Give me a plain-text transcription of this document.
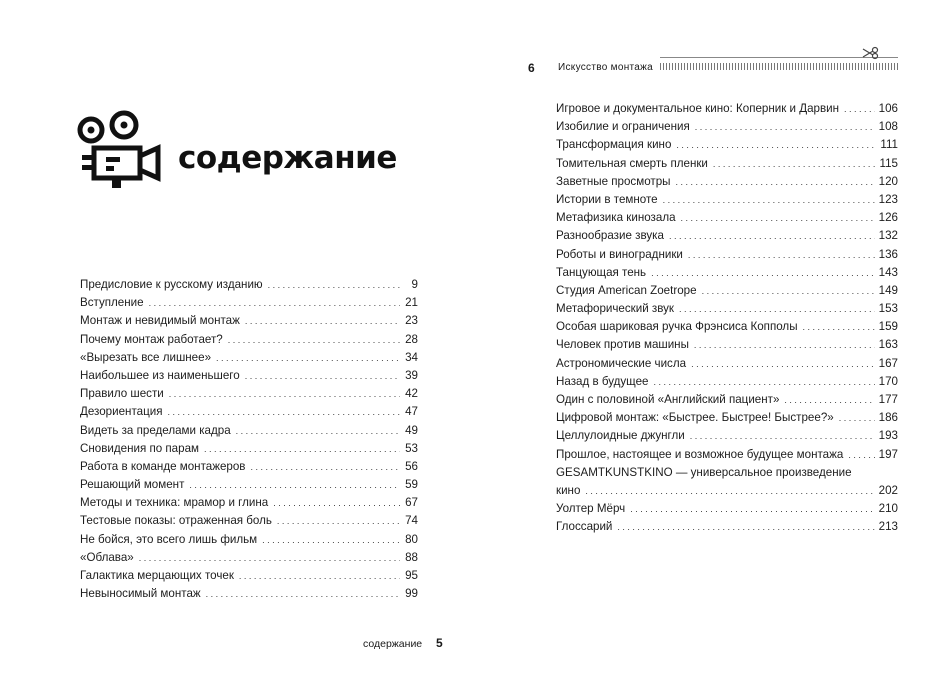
содержание
Предисловие к русскому изданию . . .	9
Вступление . . .	21
Монтаж и невидимый монтаж . . .	23
Почему монтаж работает? . . .	28
«Вырезать все лишнее» . . .	34
Наибольшее из наименьшего . . .	39
Правило шести . . .	42
Дезориентация . . .	47
Видеть за пределами кадра . . .	49
Сновидения по парам . . .	53
Работа в команде монтажеров . . .	56
Решающий момент . . .	59
Методы и техника: мрамор и глина . . .	67
Тестовые показы: отраженная боль . . .	74
Не бойся, это всего лишь фильм . . .	80
«Облава» . . .	88
Галактика мерцающих точек . . .	95
Невыносимый монтаж . . .	99
содержание 5
6 Искусство монтажа
Игровое и документальное кино: Коперник и Дарвин . . .	106
Изобилие и ограничения . . .	108
Трансформация кино . . .	111
Томительная смерть пленки . . .	115
Заветные просмотры . . .	120
Истории в темноте . . .	123
Метафизика кинозала . . .	126
Разнообразие звука . . .	132
Роботы и виноградники . . .	136
Танцующая тень . . .	143
Студия American Zoetrope . . .	149
Метафорический звук . . .	153
Особая шариковая ручка Фрэнсиса Копполы . . .	159
Человек против машины . . .	163
Астрономические числа . . .	167
Назад в будущее . . .	170
Один с половиной «Английский пациент» . . .	177
Цифровой монтаж: «Быстрее. Быстрее! Быстрее?» . . .	186
Целлулоидные джунгли . . .	193
Прошлое, настоящее и возможное будущее монтажа . . .	197
GESAMTKUNSTKINO — универсальное произведение
кино . . .	202
Уолтер Мёрч . . .	210
Глоссарий . . .	213
